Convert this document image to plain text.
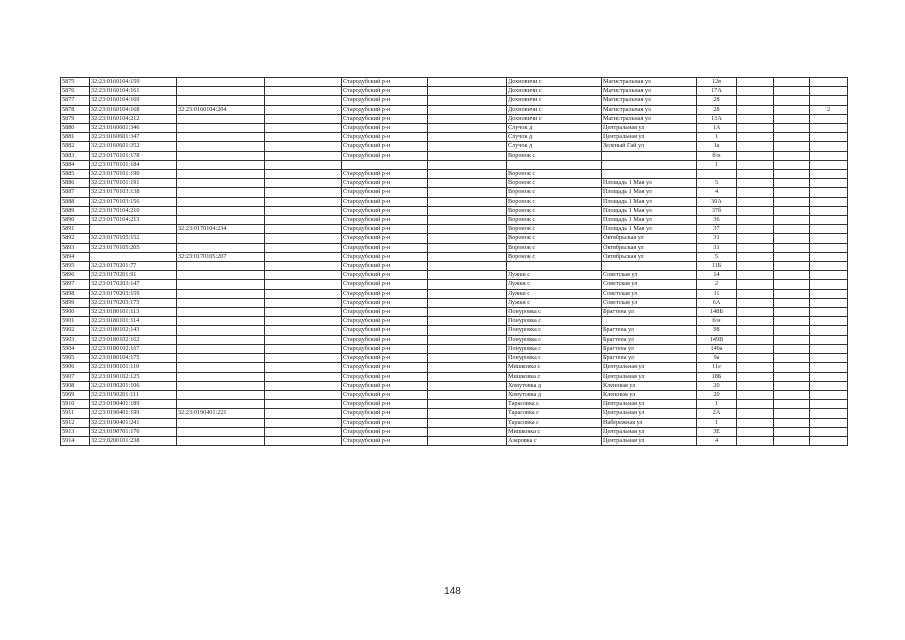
5875	32:23:0160104:159			Стародубский р-н		Дохновичи с	Магистральная ул	12в			
5876	32:23:0160104:161			Стародубский р-н		Дохновичи с	Магистральная ул	17А			
5877	32:23:0160104:169			Стародубский р-н		Дохновичи с	Магистральная ул	28			
5878	32:23:0160104:168	32:23:0160104:204		Стародубский р-н		Дохновичи с	Магистральная ул	28			2
5879	32:23:0160104:212			Стародубский р-н		Дохновичи с	Магистральная ул	13А			
5880	32:23:0160601:346			Стародубский р-н		Случок д	Центральная ул	1А			
5881	32:23:0160601:347			Стародубский р-н		Случок д	Центральная ул	1			
5882	32:23:0160601:352			Стародубский р-н		Случок д	Зеленый Гай ул	1а			
5883	32:23:0170101:178			Стародубский р-н		Воронок с		б/н			
5884	32:23:0170101:184							1			
5885	32:23:0170101:190			Стародубский р-н		Воронок с					
5886	32:23:0170101:191			Стародубский р-н		Воронок с	Площадь 1 Мая ул	5			
5887	32:23:0170103:138			Стародубский р-н		Воронок с	Площадь 1 Мая ул	4			
5888	32:23:0170103:156			Стародубский р-н		Воронок с	Площадь 1 Мая ул	30А			
5889	32:23:0170104:210			Стародубский р-н		Воронок с	Площадь 1 Мая ул	37б			
5890	32:23:0170104:213			Стародубский р-н		Воронок с	Площадь 1 Мая ул	36			
5891		32:23:0170104:234		Стародубский р-н		Воронок с	Площадь 1 Мая ул	37			
5892	32:23:0170105:152			Стародубский р-н		Воронок с	Октябрьская ул	31			
5893	32:23:0170105:205			Стародубский р-н		Воронок с	Октябрьская ул	31			
5894		32:23:0170105:207		Стародубский р-н		Воронок с	Октябрьская ул	5			
5895	32:23:0170201:77			Стародубский р-н				11Б			
5896	32:23:0170201:91			Стародубский р-н		Лужки с	Советская ул	14			
5897	32:23:0170203:147			Стародубский р-н		Лужки с	Советская ул	2			
5898	32:23:0170203:159			Стародубский р-н		Лужки с	Советская ул	11			
5899	32:23:0170203:175			Стародубский р-н		Лужки с	Советская ул	6А			
5900	32:23:0180101:113			Стародубский р-н		Понуровка с	Брагтена ул	148Б			
5901	32:23:0180101:114			Стародубский р-н		Понуровка с		б/н			
5902	32:23:0180102:143			Стародубский р-н		Понуровка с	Брагтена ул	98			
5903	32:23:0180102:162			Стародубский р-н		Понуровка с	Брагтена ул	149В			
5904	32:23:0180102:167			Стародубский р-н		Понуровка с	Брагтена ул	149а			
5905	32:23:0180104:175			Стародубский р-н		Понуровка с	Брагтена ул	9а			
5906	32:23:0190101:110			Стародубский р-н		Мишковка с	Центральная ул	11е			
5907	32:23:0190102:125			Стародубский р-н		Мишковка с	Центральная ул	18Б			
5908	32:23:0190201:106			Стародубский р-н		Хомутовка д	Кленовая ул	20			
5909	32:23:0190201:111			Стародубский р-н		Хомутовка д	Кленовая ул	20			
5910	32:23:0190401:189			Стародубский р-н		Тарасовка с	Центральная ул	1			
5911	32:23:0190401:199	32:23:0190401:221		Стародубский р-н		Тарасовка с	Центральная ул	2А			
5912	32:23:0190401:241			Стародубский р-н		Тарасовка с	Набережная ул	1			
5913	32:23:0190701:170			Стародубский р-н		Мишковка с	Центральная ул	3Е			
5914	32:23:0200101:238			Стародубский р-н		Азаровка с	Центральная ул	4			
148
